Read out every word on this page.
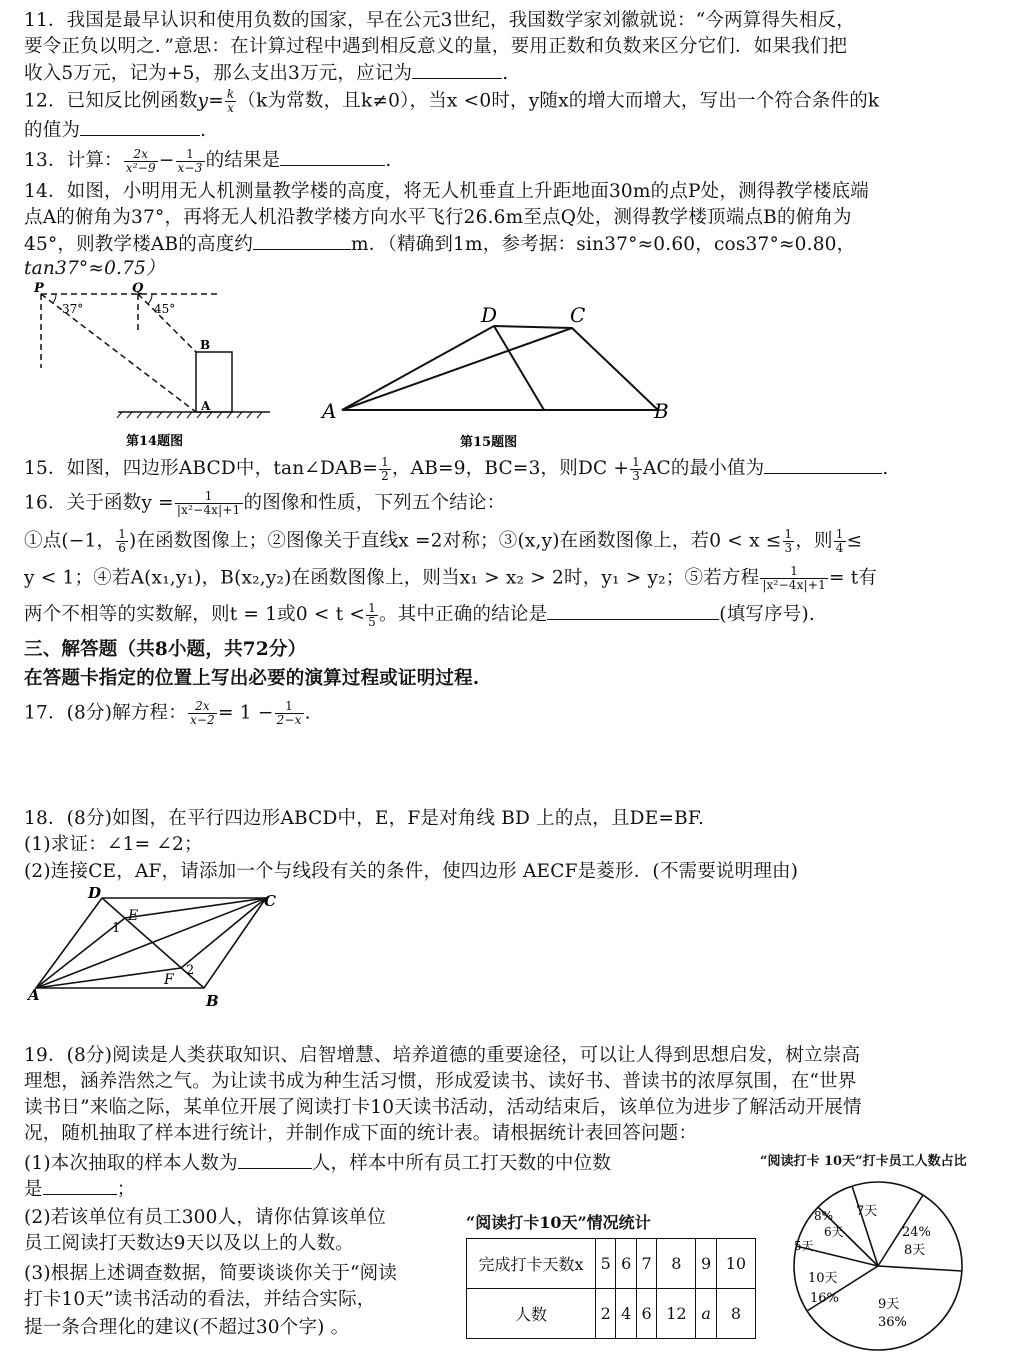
11．我国是最早认识和使用负数的国家，早在公元3世纪，我国数学家刘徽就说：“今两算得失相反，
要令正负以明之．”意思：在计算过程中遇到相反意义的量，要用正数和负数来区分它们．如果我们把
收入5万元，记为+5，那么支出3万元，应记为	.
12．已知反比例函数$y= \frac{k}{x} (k$为常数，且k≠0），当x <0时，y随x的增大而增大，写出一个符合条件的k
的值为	.
13．计算： $\frac{2x}{\text{x²−9}} - \frac{1}{x-3}$ 的结果是	.
14．如图，小明用无人机测量教学楼的高度，将无人机垂直上升距地面30m的点P处，测得教学楼底端
点A的俯角为37°，再将无人机沿教学楼方向水平飞行26.6m至点Q处，测得教学楼顶端点B的俯角为
45°，则教学楼AB的高度约	m．（精确到1m，参考据：sin37°≈0.60，cos37°≈0.80，
tan37°≈0.75）
P	Q
37°	45°
B
A
第14题图
D	C
A	B
第15题图
15．如图，四边形ABCD中，tan∠DAB= $\frac{1}{2}$ ，AB=9，BC=3，则DC + $\frac{1}{3}$ AC的最小值为	.
16．关于函数$y = \frac{1}{\text{|x²−4x|+1}}$ 的图像和性质，下列五个结论：
①点(−1， $\frac{1}{6}$ )在函数图像上；②图像关于直线x =2对称；③(x,y)在函数图像上，若$0 < x \le \frac{1}{3}$ ，则 $\frac{1}{4}$ ≤
y < 1；④若A(x₁,y₁)，B(x₂,y₂)在函数图像上，则当x₁ > x₂ > 2时，y₁ > y₂；⑤若方程 $\frac{1}{\text{|x²−4x|+1}} = t$有
两个不相等的实数解，则t = 1或$0 < t < \frac{1}{5}$ 。其中正确的结论是	(填写序号).
三、解答题（共8小题，共72分）
在答题卡指定的位置上写出必要的演算过程或证明过程.
17．(8分)解方程： $\frac{2x}{x-2} = 1 - \frac{1}{2-x}$ .
18．(8分)如图，在平行四边形ABCD中，E，F是对角线 BD 上的点，且DE=BF.
(1)求证：∠1= ∠2；
(2)连接CE，AF，请添加一个与线段有关的条件，使四边形 AECF是菱形．(不需要说明理由)
D	C
A	B
E
F
1
2
19．(8分)阅读是人类获取知识、启智增慧、培养道德的重要途径，可以让人得到思想启发，树立崇高
理想，涵养浩然之气。为让读书成为种生活习惯，形成爱读书、读好书、普读书的浓厚氛围，在“世界
读书日”来临之际，某单位开展了阅读打卡10天读书活动，活动结束后，该单位为进步了解活动开展情
况，随机抽取了样本进行统计，并制作成下面的统计表。请根据统计表回答问题：
(1)本次抽取的样本人数为	人，样本中所有员工打天数的中位数
是	；
(2)若该单位有员工300人，请你估算该单位
员工阅读打天数达9天以及以上的人数。
(3)根据上述调查数据，简要谈谈你关于“阅读
打卡10天”读书活动的看法，并结合实际，
提一条合理化的建议(不超过30个字) 。
“阅读打卡10天”情况统计
完成打卡天数x	5	6	7	8	9	10
人数	2	4	6	12	a	8
“阅读打卡 10天”打卡员工人数占比
7天
24%
8天
9天
36%
10天
16%
5天
8%
6天
